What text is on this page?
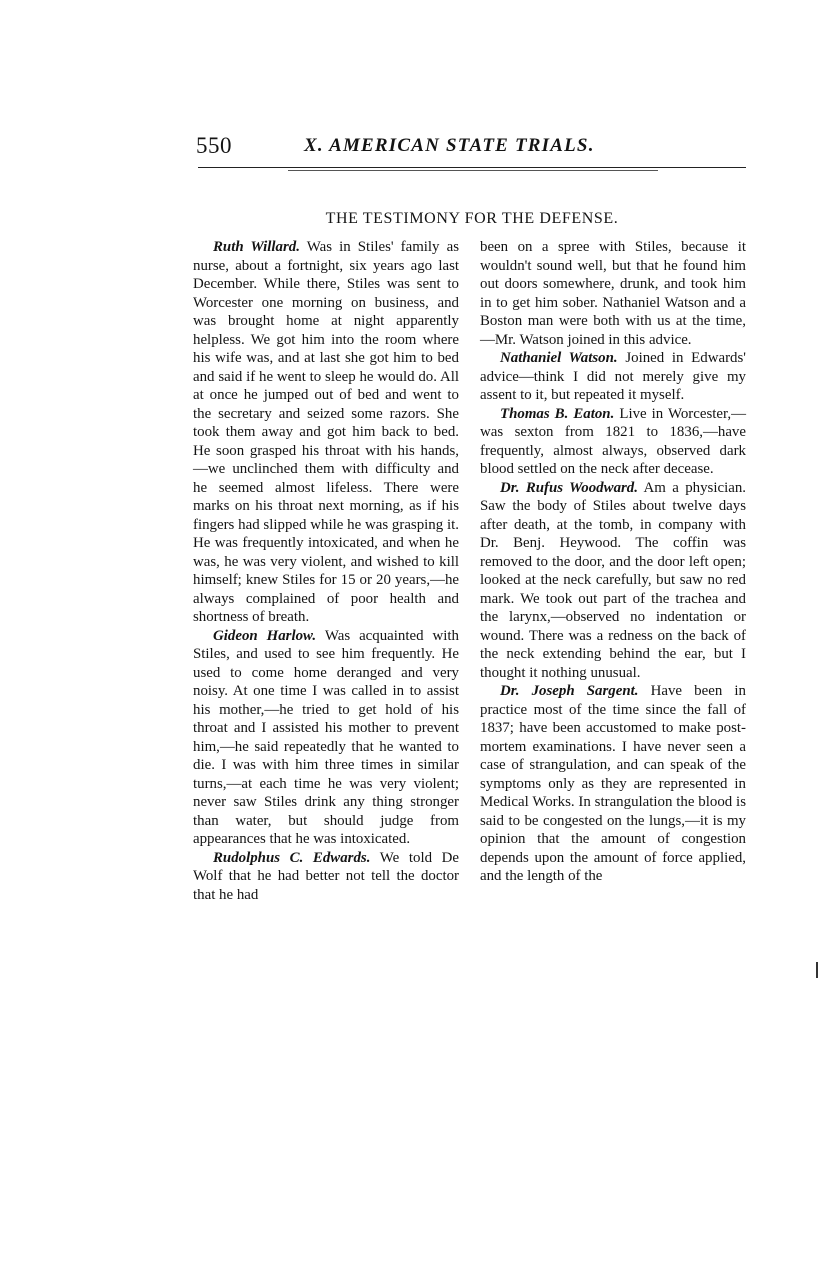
550	X. AMERICAN STATE TRIALS.
THE TESTIMONY FOR THE DEFENSE.

Ruth Willard. Was in Stiles' family as nurse, about a fortnight, six years ago last December. While there, Stiles was sent to Worcester one morning on business, and was brought home at night apparently helpless. We got him into the room where his wife was, and at last she got him to bed and said if he went to sleep he would do. All at once he jumped out of bed and went to the secretary and seized some razors. She took them away and got him back to bed. He soon grasped his throat with his hands,—we unclinched them with difficulty and he seemed almost lifeless. There were marks on his throat next morning, as if his fingers had slipped while he was grasping it. He was frequently intoxicated, and when he was, he was very violent, and wished to kill himself; knew Stiles for 15 or 20 years,—he always complained of poor health and shortness of breath.

Gideon Harlow. Was acquainted with Stiles, and used to see him frequently. He used to come home deranged and very noisy. At one time I was called in to assist his mother,—he tried to get hold of his throat and I assisted his mother to prevent him,—he said repeatedly that he wanted to die. I was with him three times in similar turns,—at each time he was very violent; never saw Stiles drink any thing stronger than water, but should judge from appearances that he was intoxicated.

Rudolphus C. Edwards. We told De Wolf that he had better not tell the doctor that he had

been on a spree with Stiles, because it wouldn't sound well, but that he found him out doors somewhere, drunk, and took him in to get him sober. Nathaniel Watson and a Boston man were both with us at the time,—Mr. Watson joined in this advice.

Nathaniel Watson. Joined in Edwards' advice—think I did not merely give my assent to it, but repeated it myself.

Thomas B. Eaton. Live in Worcester,—was sexton from 1821 to 1836,—have frequently, almost always, observed dark blood settled on the neck after decease.

Dr. Rufus Woodward. Am a physician. Saw the body of Stiles about twelve days after death, at the tomb, in company with Dr. Benj. Heywood. The coffin was removed to the door, and the door left open; looked at the neck carefully, but saw no red mark. We took out part of the trachea and the larynx,—observed no indentation or wound. There was a redness on the back of the neck extending behind the ear, but I thought it nothing unusual.

Dr. Joseph Sargent. Have been in practice most of the time since the fall of 1837; have been accustomed to make post-mortem examinations. I have never seen a case of strangulation, and can speak of the symptoms only as they are represented in Medical Works. In strangulation the blood is said to be congested on the lungs,—it is my opinion that the amount of congestion depends upon the amount of force applied, and the length of the
